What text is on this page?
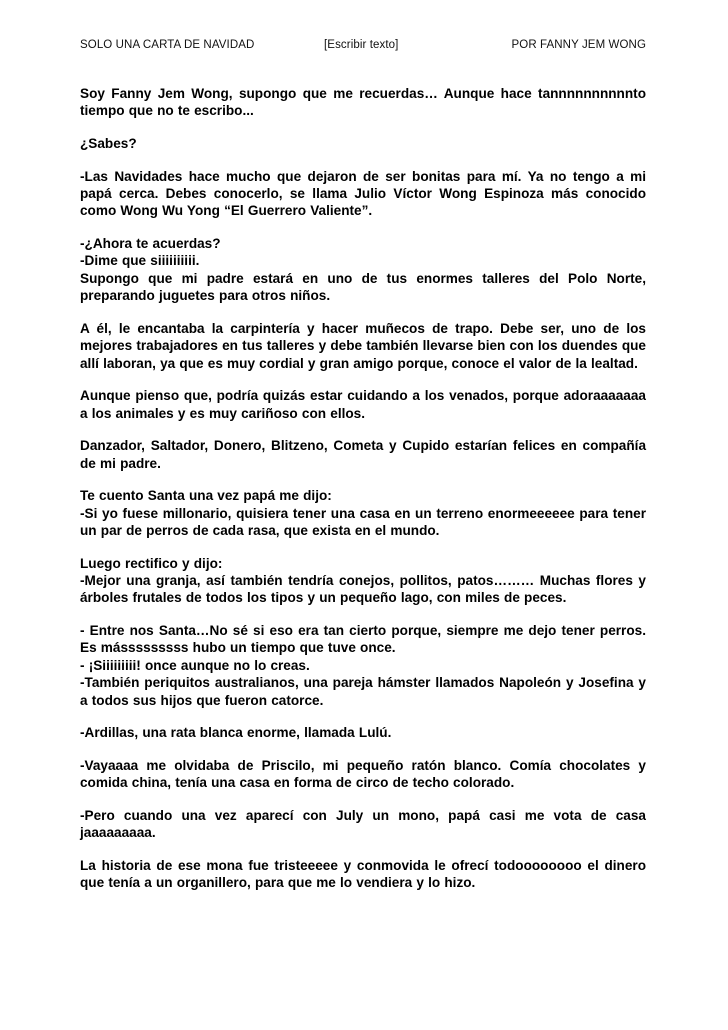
SOLO UNA CARTA DE NAVIDAD	[Escribir texto]	POR FANNY JEM WONG

Soy Fanny Jem Wong, supongo que me recuerdas… Aunque hace tannnnnnnnnnto tiempo que no te escribo...

¿Sabes?

-Las Navidades hace mucho que dejaron de ser bonitas para mí. Ya no tengo a mi papá cerca. Debes conocerlo, se llama Julio Víctor Wong Espinoza más conocido como Wong Wu Yong “El Guerrero Valiente”.

-¿Ahora te acuerdas?
-Dime que siiiiiiiiii.
Supongo que mi padre estará en uno de tus enormes talleres del Polo Norte, preparando juguetes para otros niños.

A él, le encantaba la carpintería y hacer muñecos de trapo. Debe ser, uno de los mejores trabajadores en tus talleres y debe también llevarse bien con los duendes que allí laboran, ya que es muy cordial y gran amigo porque, conoce el valor de la lealtad.

Aunque pienso que, podría quizás estar cuidando a los venados, porque adoraaaaaaa a los animales y es muy cariñoso con ellos.

Danzador, Saltador, Donero, Blitzeno, Cometa y Cupido estarían felices en compañía de mi padre.

Te cuento Santa una vez papá me dijo:
-Si yo fuese millonario, quisiera tener una casa en un terreno enormeeeeee para tener un par de perros de cada rasa, que exista en el mundo.

Luego rectifico y dijo:
-Mejor una granja, así también tendría conejos, pollitos, patos……… Muchas flores y árboles frutales de todos los tipos y un pequeño lago, con miles de peces.

- Entre nos Santa…No sé si eso era tan cierto porque, siempre me dejo tener perros. Es másssssssss hubo un tiempo que tuve once.
- ¡Siiiiiiiii! once aunque no lo creas.
-También periquitos australianos, una pareja hámster llamados Napoleón y Josefina y a todos sus hijos que fueron catorce.

-Ardillas, una rata blanca enorme, llamada Lulú.

-Vayaaaa me olvidaba de Priscilo, mi pequeño ratón blanco. Comía chocolates y comida china, tenía una casa en forma de circo de techo colorado.

-Pero cuando una vez aparecí con July un mono, papá casi me vota de casa jaaaaaaaaa.

La historia de ese mona fue tristeeeee y conmovida le ofrecí todoooooooo el dinero que tenía a un organillero, para que me lo vendiera y lo hizo.
